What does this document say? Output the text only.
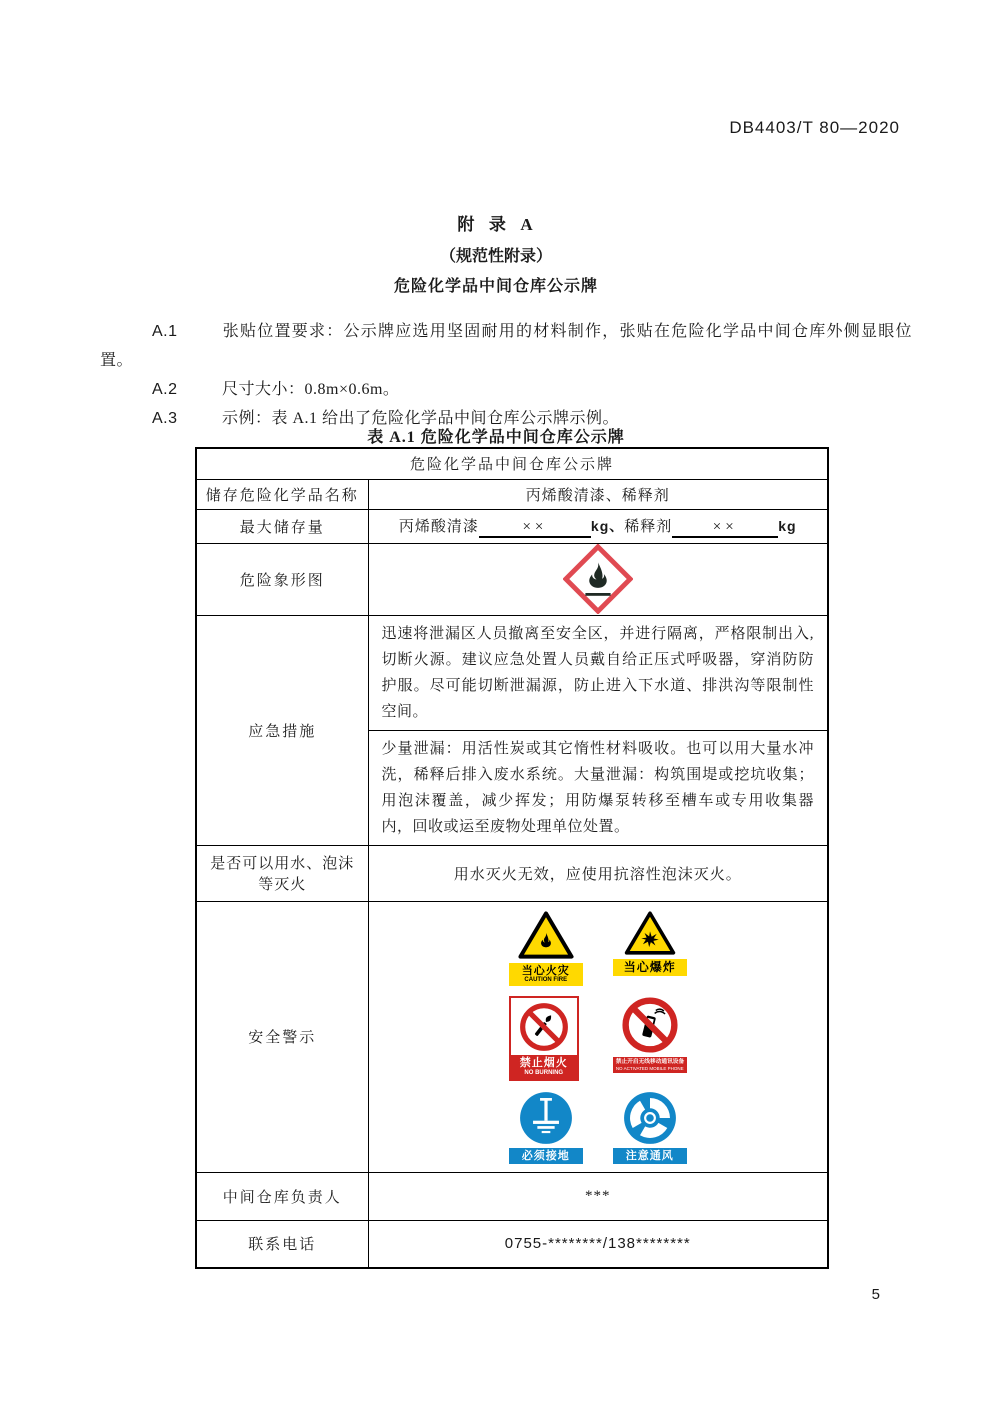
DB4403/T 80—2020
附  录  A
（规范性附录）
危险化学品中间仓库公示牌

A.1	张贴位置要求：公示牌应选用坚固耐用的材料制作，张贴在危险化学品中间仓库外侧显眼位置。

A.2	尺寸大小：0.8m×0.6m。

A.3	示例：表 A.1 给出了危险化学品中间仓库公示牌示例。

表 A.1 危险化学品中间仓库公示牌
危险化学品中间仓库公示牌	
储存危险化学品名称	丙烯酸清漆、稀释剂
最大储存量	丙烯酸清漆 ×× kg、稀释剂 ×× kg
危险象形图	

应急措施	迅速将泄漏区人员撤离至安全区，并进行隔离，严格限制出入,切断火源。建议应急处置人员戴自给正压式呼吸器，穿消防防护服。尽可能切断泄漏源，防止进入下水道、排洪沟等限制性空间。
	少量泄漏：用活性炭或其它惰性材料吸收。也可以用大量水冲洗，稀释后排入废水系统。大量泄漏：构筑围堤或挖坑收集；用泡沫覆盖，减少挥发；用防爆泵转移至槽车或专用收集器内，回收或运至废物处理单位处置。
是否可以用水、泡沫等灭火	用水灭火无效，应使用抗溶性泡沫灭火。
安全警示	
当心火灾
CAUTION FIRE
当心爆炸
禁止烟火
NO BURNING
禁止开启无线移动通讯设备
NO ACTIVATED MOBILE PHONE
必须接地	注意通风

中间仓库负责人	***
联系电话	0755-********/138********
5
